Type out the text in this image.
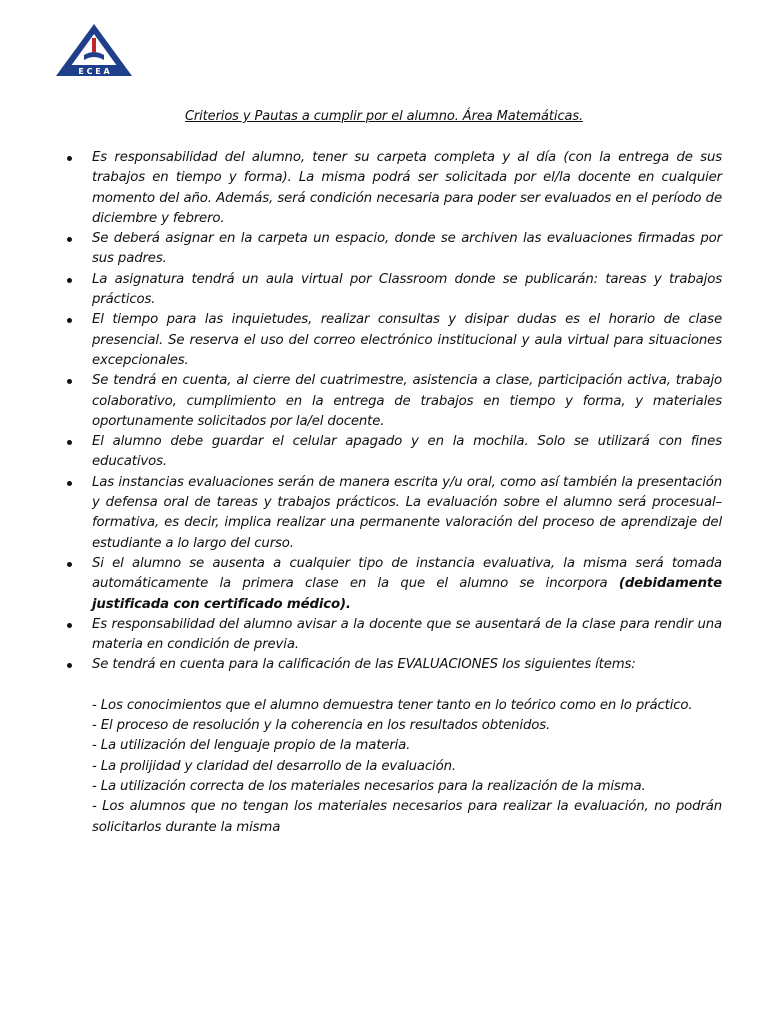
E C E A
Criterios y Pautas a cumplir por el alumno. Área Matemáticas.
Es responsabilidad del alumno, tener su carpeta completa y al día (con la entrega de sus trabajos en tiempo y forma). La misma podrá ser solicitada por el/la docente en cualquier momento del año. Además, será condición necesaria para poder ser evaluados en el período de diciembre y febrero.
Se deberá asignar en la carpeta un espacio, donde se archiven las evaluaciones firmadas por sus padres.
La asignatura tendrá un aula virtual por Classroom donde se publicarán: tareas y trabajos prácticos.
El tiempo para las inquietudes, realizar consultas y disipar dudas es el horario de clase presencial. Se reserva el uso del correo electrónico institucional y aula virtual para situaciones excepcionales.
Se tendrá en cuenta, al cierre del cuatrimestre, asistencia a clase, participación activa, trabajo colaborativo, cumplimiento en la entrega de trabajos en tiempo y forma, y materiales oportunamente solicitados por la/el docente.
El alumno debe guardar el celular apagado y en la mochila. Solo se utilizará con fines educativos.
Las instancias evaluaciones serán de manera escrita y/u oral, como así también la presentación y defensa oral de tareas y trabajos prácticos. La evaluación sobre el alumno será procesual–formativa, es decir, implica realizar una permanente valoración del proceso de aprendizaje del estudiante a lo largo del curso.
Si el alumno se ausenta a cualquier tipo de instancia evaluativa, la misma será tomada automáticamente la primera clase en la que el alumno se incorpora (debidamente justificada con certificado médico).
Es responsabilidad del alumno avisar a la docente que se ausentará de la clase para rendir una materia en condición de previa.
Se tendrá en cuenta para la calificación de las EVALUACIONES los siguientes ítems:
- Los conocimientos que el alumno demuestra tener tanto en lo teórico como en lo práctico.
- El proceso de resolución y la coherencia en los resultados obtenidos.
- La utilización del lenguaje propio de la materia.
- La prolijidad y claridad del desarrollo de la evaluación.
- La utilización correcta de los materiales necesarios para la realización de la misma.
- Los alumnos que no tengan los materiales necesarios para realizar la evaluación, no podrán solicitarlos durante la misma
